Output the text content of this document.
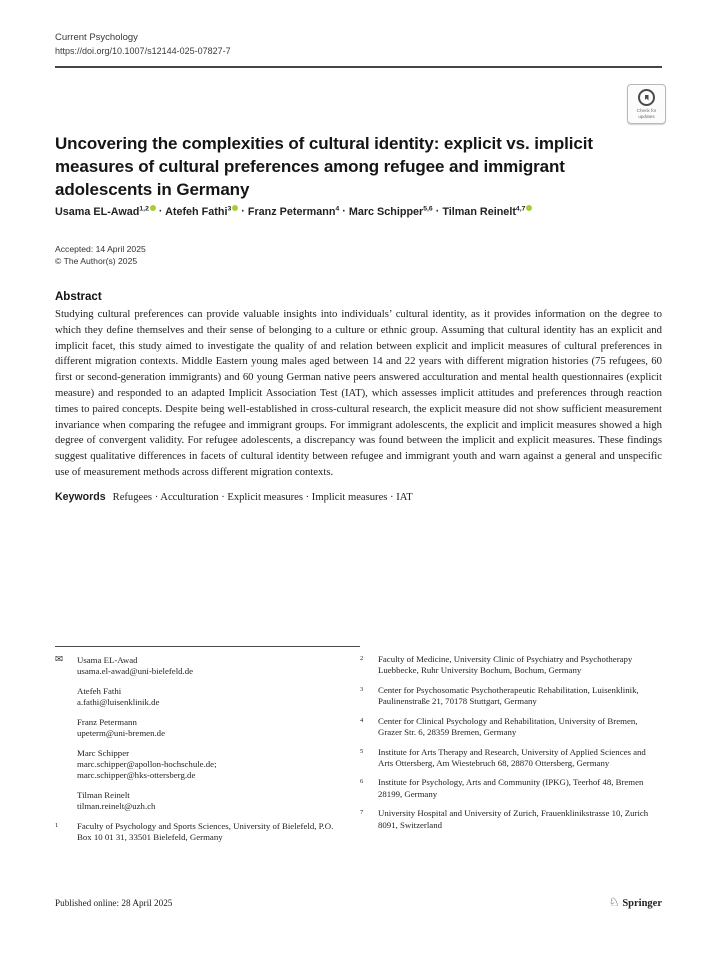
Current Psychology
https://doi.org/10.1007/s12144-025-07827-7
Check for
updates
Uncovering the complexities of cultural identity: explicit vs. implicit measures of cultural preferences among refugee and immigrant adolescents in Germany
Usama EL-Awad$^{1,2}$ · Atefeh Fathi$^3$ · Franz Petermann$^4$ · Marc Schipper$^{5,6}$ · Tilman Reinelt$^{4,7}$
Accepted: 14 April 2025
© The Author(s) 2025
Abstract

Studying cultural preferences can provide valuable insights into individuals’ cultural identity, as it provides information on the degree to which they define themselves and their sense of belonging to a culture or ethnic group. Assuming that cultural identity has an explicit and implicit facet, this study aimed to investigate the quality of and relation between explicit and implicit measures of cultural preferences in different migration contexts. Middle Eastern young males aged between 14 and 22 years with different migration histories (75 refugees, 60 first or second-generation immigrants) and 60 young German native peers answered acculturation and mental health questionnaires (explicit measure) and responded to an adapted Implicit Association Test (IAT), which assesses implicit attitudes and preferences through reaction times to paired concepts. Despite being well-established in cross-cultural research, the explicit measure did not show sufficient measurement invariance when comparing the refugee and immigrant groups. For immigrant adolescents, the explicit and implicit measures showed a high degree of convergent validity. For refugee adolescents, a discrepancy was found between the implicit and explicit measures. These findings suggest qualitative differences in facets of cultural identity between refugee and immigrant youth and warn against a general and unspecific use of measurement methods across different migration contexts.

Keywords Refugees · Acculturation · Explicit measures · Implicit measures · IAT
✉ Usama EL-Awad
usama.el-awad@uni-bielefeld.de
Atefeh Fathi
a.fathi@luisenklinik.de
Franz Petermann
upeterm@uni-bremen.de
Marc Schipper
marc.schipper@apollon-hochschule.de;
marc.schipper@hks-ottersberg.de
Tilman Reinelt
tilman.reinelt@uzh.ch
1	Faculty of Psychology and Sports Sciences, University of Bielefeld, P.O. Box 10 01 31, 33501 Bielefeld, Germany
2	Faculty of Medicine, University Clinic of Psychiatry and Psychotherapy Luebbecke, Ruhr University Bochum, Bochum, Germany
3	Center for Psychosomatic Psychotherapeutic Rehabilitation, Luisenklinik, Paulinenstraße 21, 70178 Stuttgart, Germany
4	Center for Clinical Psychology and Rehabilitation, University of Bremen, Grazer Str. 6, 28359 Bremen, Germany
5	Institute for Arts Therapy and Research, University of Applied Sciences and Arts Ottersberg, Am Wiestebruch 68, 28870 Ottersberg, Germany
6	Institute for Psychology, Arts and Community (IPKG), Teerhof 48, Bremen 28199, Germany
7	University Hospital and University of Zurich, Frauenklinikstrasse 10, Zurich 8091, Switzerland
Published online: 28 April 2025	♘ Springer
